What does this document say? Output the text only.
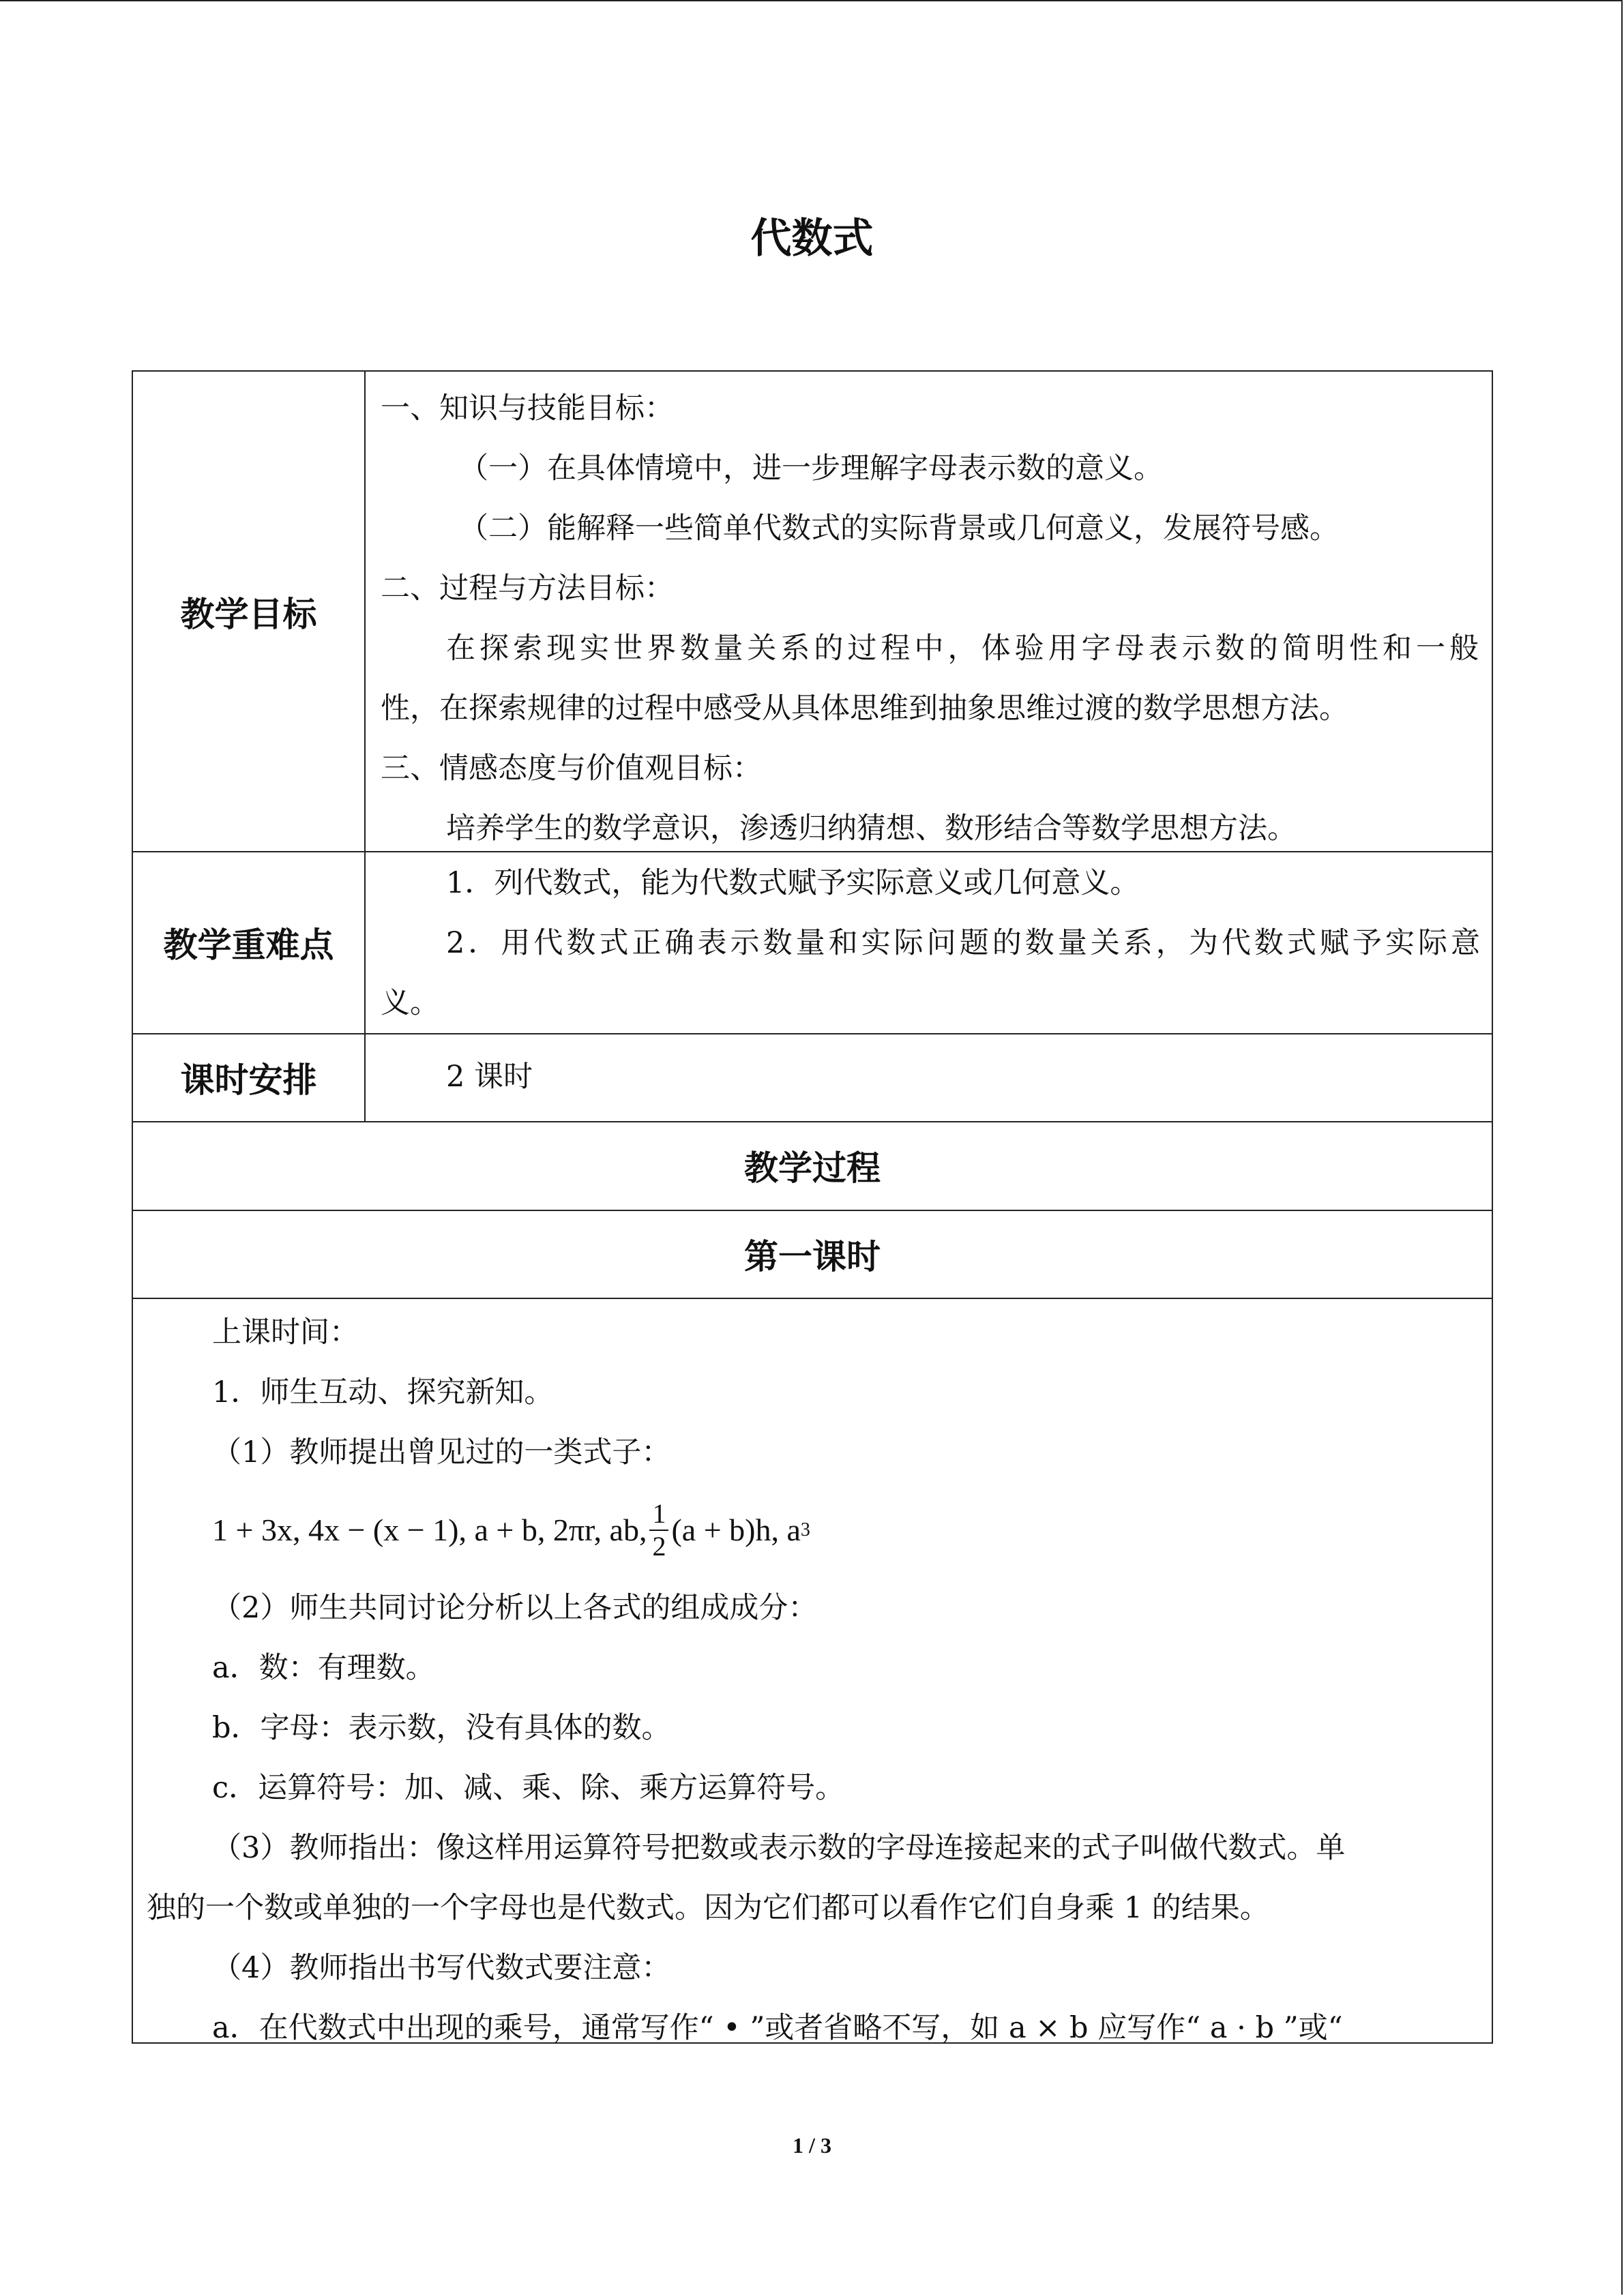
代数式
教学目标
一、知识与技能目标：
（一）在具体情境中，进一步理解字母表示数的意义。
（二）能解释一些简单代数式的实际背景或几何意义，发展符号感。
二、过程与方法目标：
在探索现实世界数量关系的过程中，体验用字母表示数的简明性和一般
性，在探索规律的过程中感受从具体思维到抽象思维过渡的数学思想方法。
三、情感态度与价值观目标：
培养学生的数学意识，渗透归纳猜想、数形结合等数学思想方法。
教学重难点
1．列代数式，能为代数式赋予实际意义或几何意义。
2．用代数式正确表示数量和实际问题的数量关系，为代数式赋予实际意
义。
课时安排	2 课时
教学过程
第一课时
上课时间：
1．师生互动、探究新知。
（1）教师提出曾见过的一类式子：
1 + 3x, 4x − (x − 1), a + b, 2πr, ab, $\frac{1}{2} (a + b)h$, a 3
（2）师生共同讨论分析以上各式的组成成分：
a．数：有理数。
b．字母：表示数，没有具体的数。
c．运算符号：加、减、乘、除、乘方运算符号。
（3）教师指出：像这样用运算符号把数或表示数的字母连接起来的式子叫做代数式。单
独的一个数或单独的一个字母也是代数式。因为它们都可以看作它们自身乘 1 的结果。
（4）教师指出书写代数式要注意：
a．在代数式中出现的乘号，通常写作“ • ”或者省略不写，如 a × b 应写作“ a · b ”或“
1 / 3
